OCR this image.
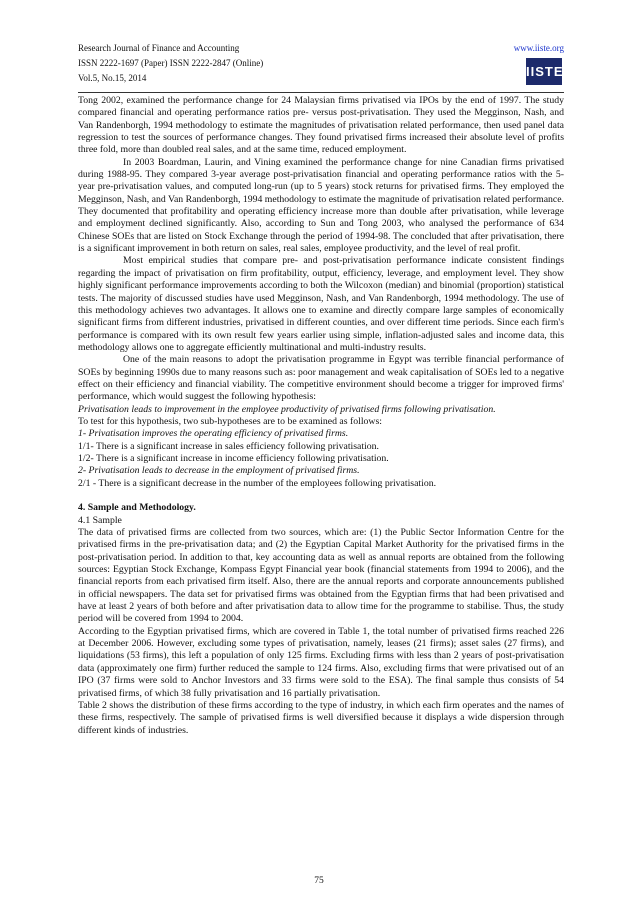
Research Journal of Finance and Accounting
ISSN 2222-1697 (Paper) ISSN 2222-2847 (Online)
Vol.5, No.15, 2014
www.iiste.org
IISTE

Tong 2002, examined the performance change for 24 Malaysian firms privatised via IPOs by the end of 1997. The study compared financial and operating performance ratios pre- versus post-privatisation. They used the Megginson, Nash, and Van Randenborgh, 1994 methodology to estimate the magnitudes of privatisation related performance, then used panel data regression to test the sources of performance changes. They found privatised firms increased their absolute level of profits three fold, more than doubled real sales, and at the same time, reduced employment.

In 2003 Boardman, Laurin, and Vining examined the performance change for nine Canadian firms privatised during 1988-95. They compared 3-year average post-privatisation financial and operating performance ratios with the 5-year pre-privatisation values, and computed long-run (up to 5 years) stock returns for privatised firms. They employed the Megginson, Nash, and Van Randenborgh, 1994 methodology to estimate the magnitude of privatisation related performance. They documented that profitability and operating efficiency increase more than double after privatisation, while leverage and employment declined significantly. Also, according to Sun and Tong 2003, who analysed the performance of 634 Chinese SOEs that are listed on Stock Exchange through the period of 1994-98. The concluded that after privatisation, there is a significant improvement in both return on sales, real sales, employee productivity, and the level of real profit.

Most empirical studies that compare pre- and post-privatisation performance indicate consistent findings regarding the impact of privatisation on firm profitability, output, efficiency, leverage, and employment level. They show highly significant performance improvements according to both the Wilcoxon (median) and binomial (proportion) statistical tests. The majority of discussed studies have used Megginson, Nash, and Van Randenborgh, 1994 methodology. The use of this methodology achieves two advantages. It allows one to examine and directly compare large samples of economically significant firms from different industries, privatised in different counties, and over different time periods. Since each firm's performance is compared with its own result few years earlier using simple, inflation-adjusted sales and income data, this methodology allows one to aggregate efficiently multinational and multi-industry results.

One of the main reasons to adopt the privatisation programme in Egypt was terrible financial performance of SOEs by beginning 1990s due to many reasons such as: poor management and weak capitalisation of SOEs led to a negative effect on their efficiency and financial viability. The competitive environment should become a trigger for improved firms' performance, which would suggest the following hypothesis:

Privatisation leads to improvement in the employee productivity of privatised firms following privatisation.

To test for this hypothesis, two sub-hypotheses are to be examined as follows:

1- Privatisation improves the operating efficiency of privatised firms.

1/1- There is a significant increase in sales efficiency following privatisation.

1/2- There is a significant increase in income efficiency following privatisation.

2- Privatisation leads to decrease in the employment of privatised firms.

2/1 - There is a significant decrease in the number of the employees following privatisation.

4. Sample and Methodology.

4.1 Sample

The data of privatised firms are collected from two sources, which are: (1) the Public Sector Information Centre for the privatised firms in the pre-privatisation data; and (2) the Egyptian Capital Market Authority for the privatised firms in the post-privatisation period. In addition to that, key accounting data as well as annual reports are obtained from the following sources: Egyptian Stock Exchange, Kompass Egypt Financial year book (financial statements from 1994 to 2006), and the financial reports from each privatised firm itself. Also, there are the annual reports and corporate announcements published in official newspapers. The data set for privatised firms was obtained from the Egyptian firms that had been privatised and have at least 2 years of both before and after privatisation data to allow time for the programme to stabilise. Thus, the study period will be covered from 1994 to 2004.

According to the Egyptian privatised firms, which are covered in Table 1, the total number of privatised firms reached 226 at December 2006. However, excluding some types of privatisation, namely, leases (21 firms); asset sales (27 firms), and liquidations (53 firms), this left a population of only 125 firms. Excluding firms with less than 2 years of post-privatisation data (approximately one firm) further reduced the sample to 124 firms. Also, excluding firms that were privatised out of an IPO (37 firms were sold to Anchor Investors and 33 firms were sold to the ESA). The final sample thus consists of 54 privatised firms, of which 38 fully privatisation and 16 partially privatisation.

Table 2 shows the distribution of these firms according to the type of industry, in which each firm operates and the names of these firms, respectively. The sample of privatised firms is well diversified because it displays a wide dispersion through different kinds of industries.

75
